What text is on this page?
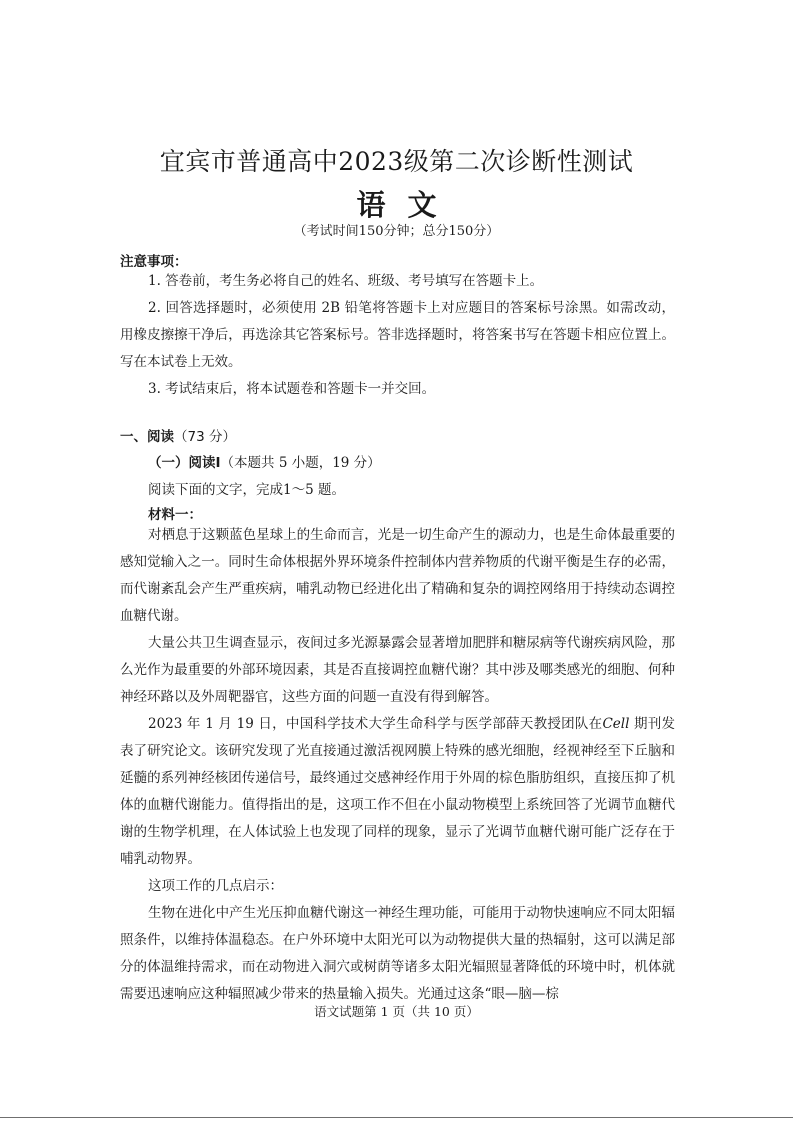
宜宾市普通高中2023级第二次诊断性测试
语文
（考试时间150分钟；总分150分）
注意事项：

1. 答卷前，考生务必将自己的姓名、班级、考号填写在答题卡上。

2. 回答选择题时，必须使用 2B 铅笔将答题卡上对应题目的答案标号涂黑。如需改动，用橡皮擦擦干净后，再选涂其它答案标号。答非选择题时，将答案书写在答题卡相应位置上。写在本试卷上无效。

3. 考试结束后，将本试题卷和答题卡一并交回。

一、阅读（73 分）
（一）阅读Ⅰ（本题共 5 小题，19 分）
阅读下面的文字，完成1～5 题。
材料一：

对栖息于这颗蓝色星球上的生命而言，光是一切生命产生的源动力，也是生命体最重要的感知觉输入之一。同时生命体根据外界环境条件控制体内营养物质的代谢平衡是生存的必需，而代谢紊乱会产生严重疾病，哺乳动物已经进化出了精确和复杂的调控网络用于持续动态调控血糖代谢。

大量公共卫生调查显示，夜间过多光源暴露会显著增加肥胖和糖尿病等代谢疾病风险，那么光作为最重要的外部环境因素，其是否直接调控血糖代谢？其中涉及哪类感光的细胞、何种神经环路以及外周靶器官，这些方面的问题一直没有得到解答。

2023 年 1 月 19 日，中国科学技术大学生命科学与医学部薛天教授团队在Cell 期刊发表了研究论文。该研究发现了光直接通过激活视网膜上特殊的感光细胞，经视神经至下丘脑和延髓的系列神经核团传递信号，最终通过交感神经作用于外周的棕色脂肪组织，直接压抑了机体的血糖代谢能力。值得指出的是，这项工作不但在小鼠动物模型上系统回答了光调节血糖代谢的生物学机理，在人体试验上也发现了同样的现象，显示了光调节血糖代谢可能广泛存在于哺乳动物界。

这项工作的几点启示：

生物在进化中产生光压抑血糖代谢这一神经生理功能，可能用于动物快速响应不同太阳辐照条件，以维持体温稳态。在户外环境中太阳光可以为动物提供大量的热辐射，这可以满足部分的体温维持需求，而在动物进入洞穴或树荫等诸多太阳光辐照显著降低的环境中时，机体就需要迅速响应这种辐照减少带来的热量输入损失。光通过这条“眼—脑—棕

语文试题第 1 页（共 10 页）
